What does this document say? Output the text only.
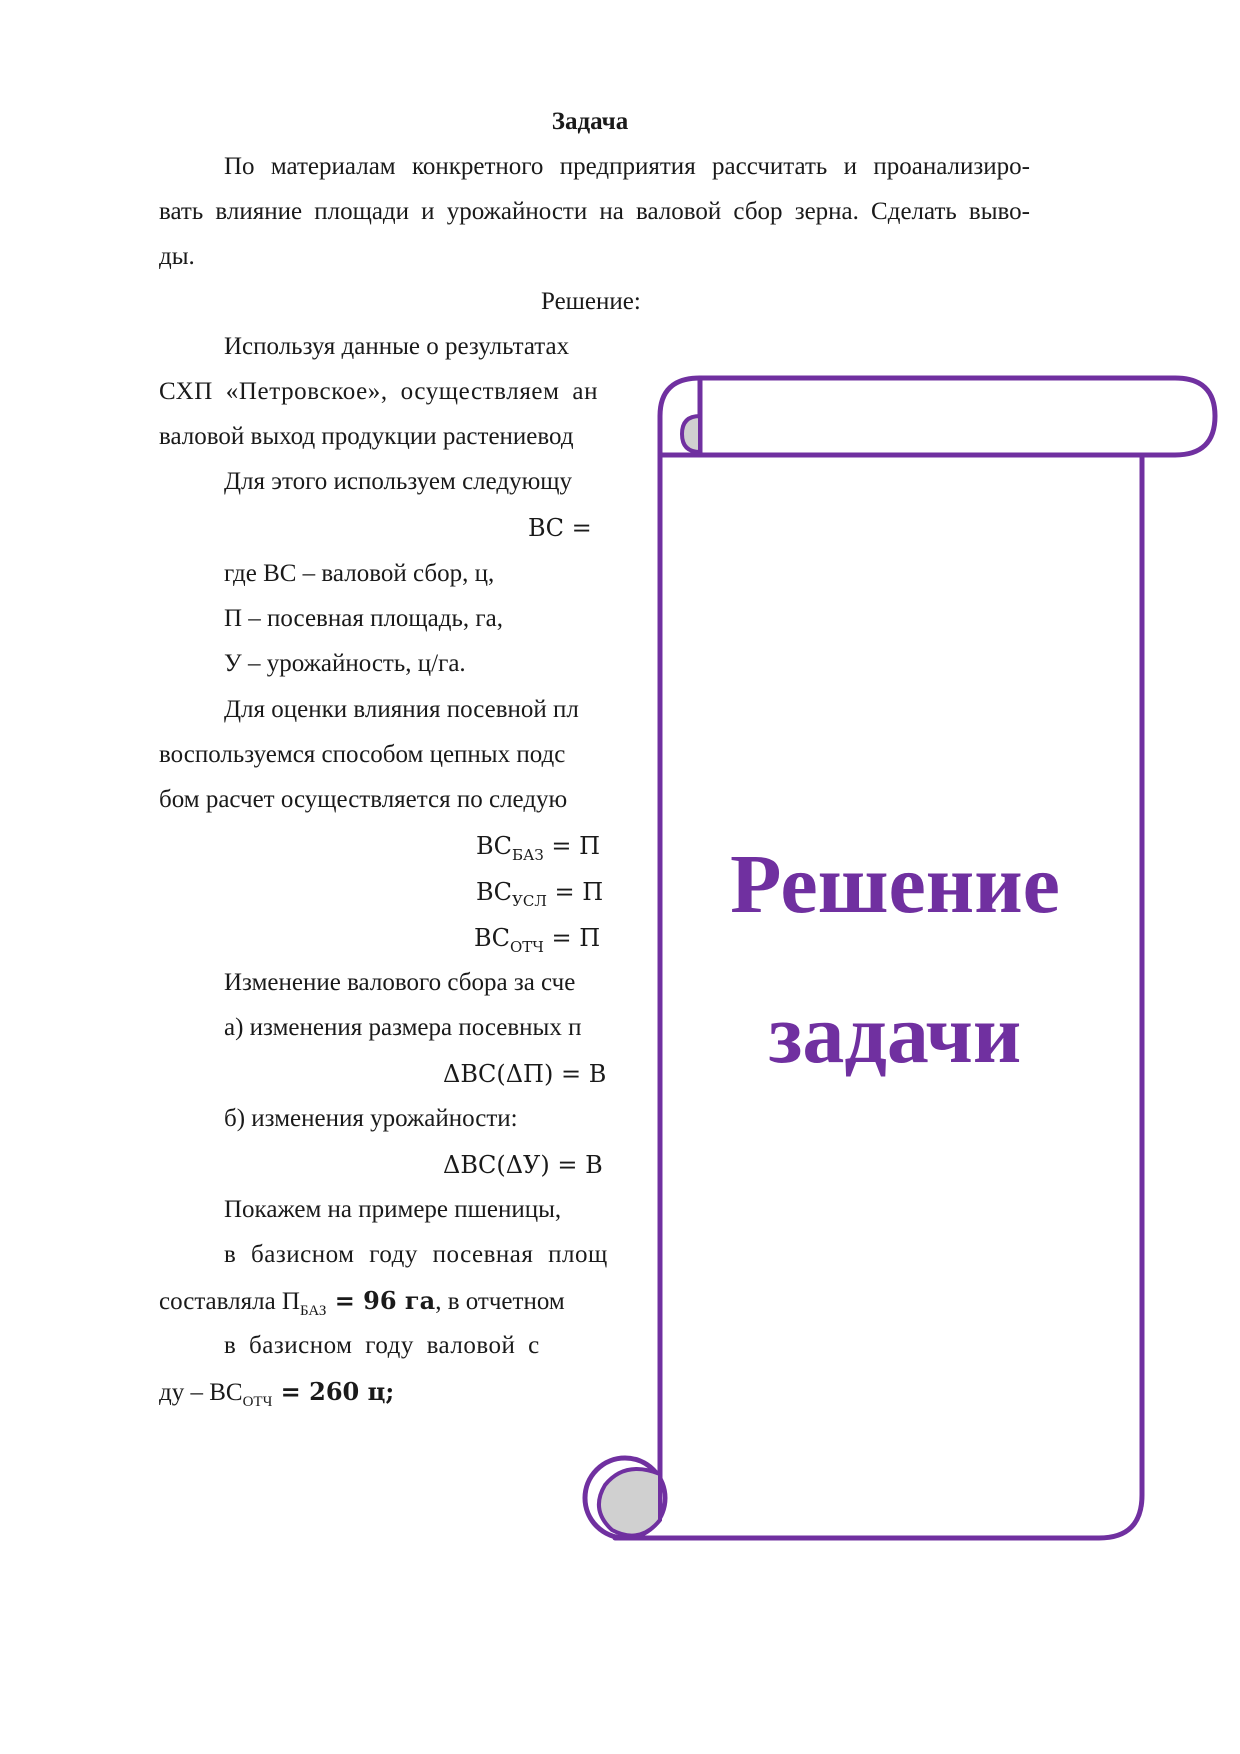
Задача
По материалам конкретного предприятия рассчитать и проанализиро-
вать влияние площади и урожайности на валовой сбор зерна. Сделать выво-
ды.
Решение:
Используя данные о результатах
СХП «Петровское», осуществляем ан
валовой выход продукции растениевод
Для этого используем следующу
ВС =
где ВС – валовой сбор, ц,
П – посевная площадь, га,
У – урожайность, ц/га.
Для оценки влияния посевной пл
воспользуемся способом цепных подс
бом расчет осуществляется по следую
$ВС_{БАЗ} = П$
$ВС_{УСЛ} = П$
$ВС_{ОТЧ} = П$
Изменение валового сбора за сче
а) изменения размера посевных п
ΔВС(ΔП) = В
б) изменения урожайности:
ΔВС(ΔУ) = В
Покажем на примере пшеницы,
в базисном году посевная площ
составляла $П_{БАЗ} = 96$ га, в отчетном
в базисном году валовой с
ду – $ВС_{ОТЧ} = 260$ ц;
Решение
задачи
